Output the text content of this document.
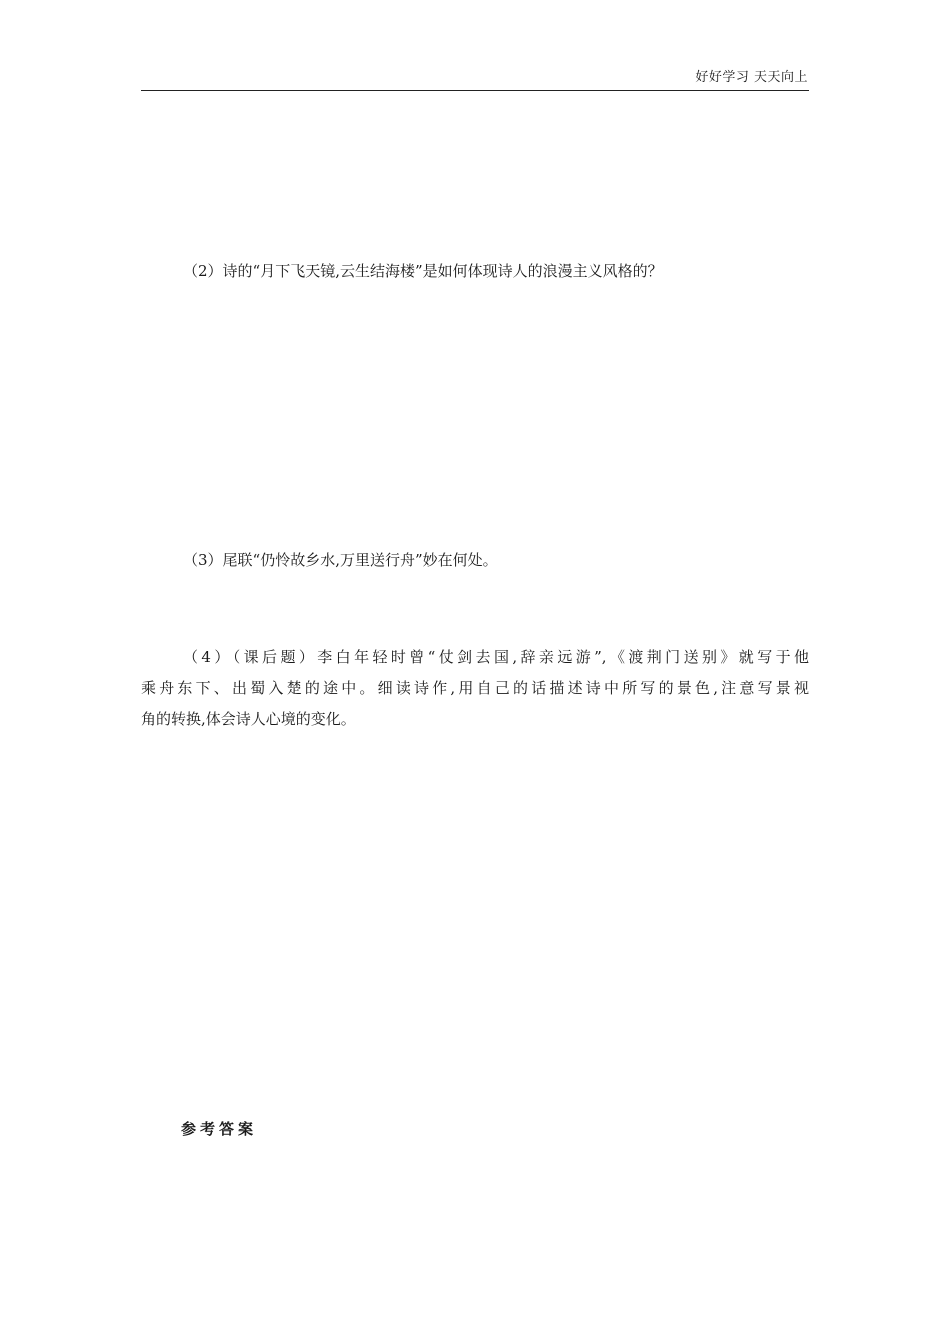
好好学习 天天向上
（2）诗的“月下飞天镜,云生结海楼”是如何体现诗人的浪漫主义风格的？
（3）尾联“仍怜故乡水,万里送行舟”妙在何处。
（4）（课后题）李白年轻时曾“仗剑去国,辞亲远游”,《渡荆门送别》就写于他
乘舟东下、出蜀入楚的途中。细读诗作,用自己的话描述诗中所写的景色,注意写景视
角的转换,体会诗人心境的变化。
参考答案
